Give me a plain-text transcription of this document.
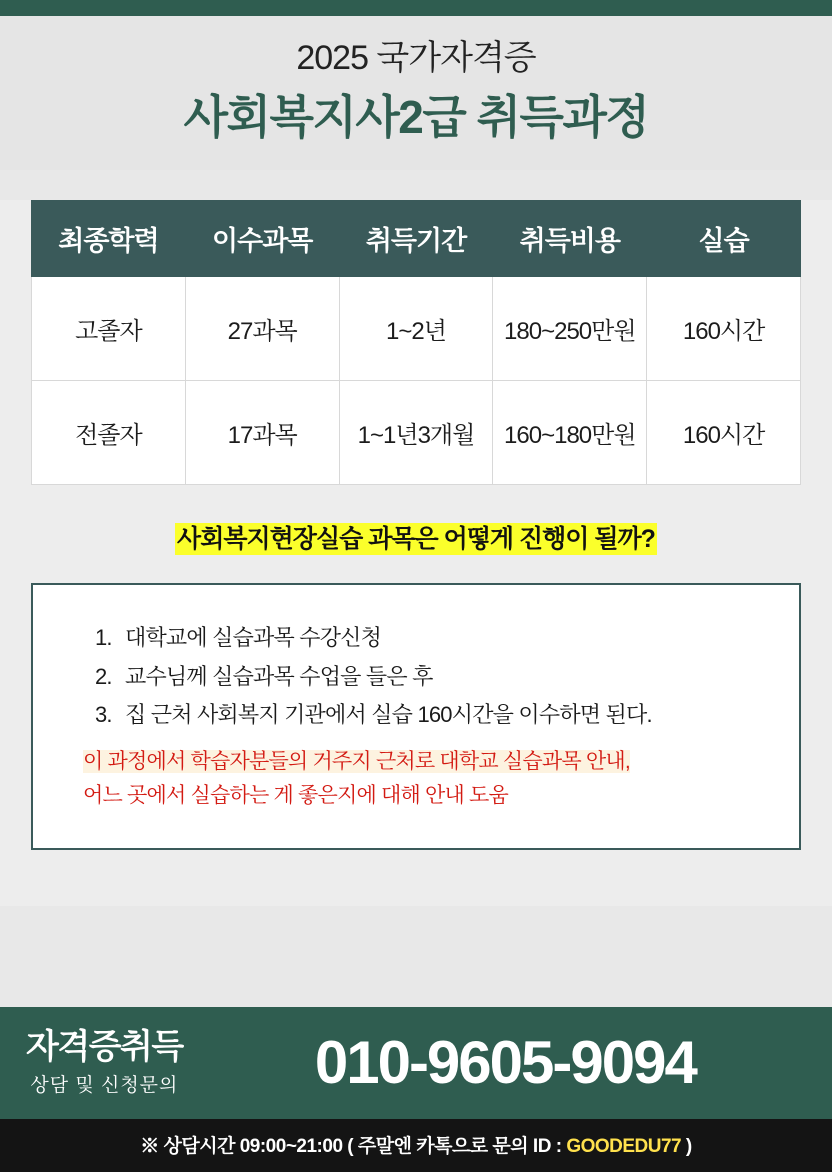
2025 국가자격증
사회복지사2급 취득과정
최종학력	이수과목	취득기간	취득비용	실습
고졸자	27과목	1~2년	180~250만원	160시간
전졸자	17과목	1~1년3개월	160~180만원	160시간
사회복지현장실습 과목은 어떻게 진행이 될까?
1. 대학교에 실습과목 수강신청
2. 교수님께 실습과목 수업을 들은 후
3. 집 근처 사회복지 기관에서 실습 160시간을 이수하면 된다.
이 과정에서 학습자분들의 거주지 근처로 대학교 실습과목 안내,
어느 곳에서 실습하는 게 좋은지에 대해 안내 도움
자격증취득
상담 및 신청문의	010-9605-9094
※ 상담시간 09:00~21:00 ( 주말엔 카톡으로 문의 ID : GOODEDU77 )
